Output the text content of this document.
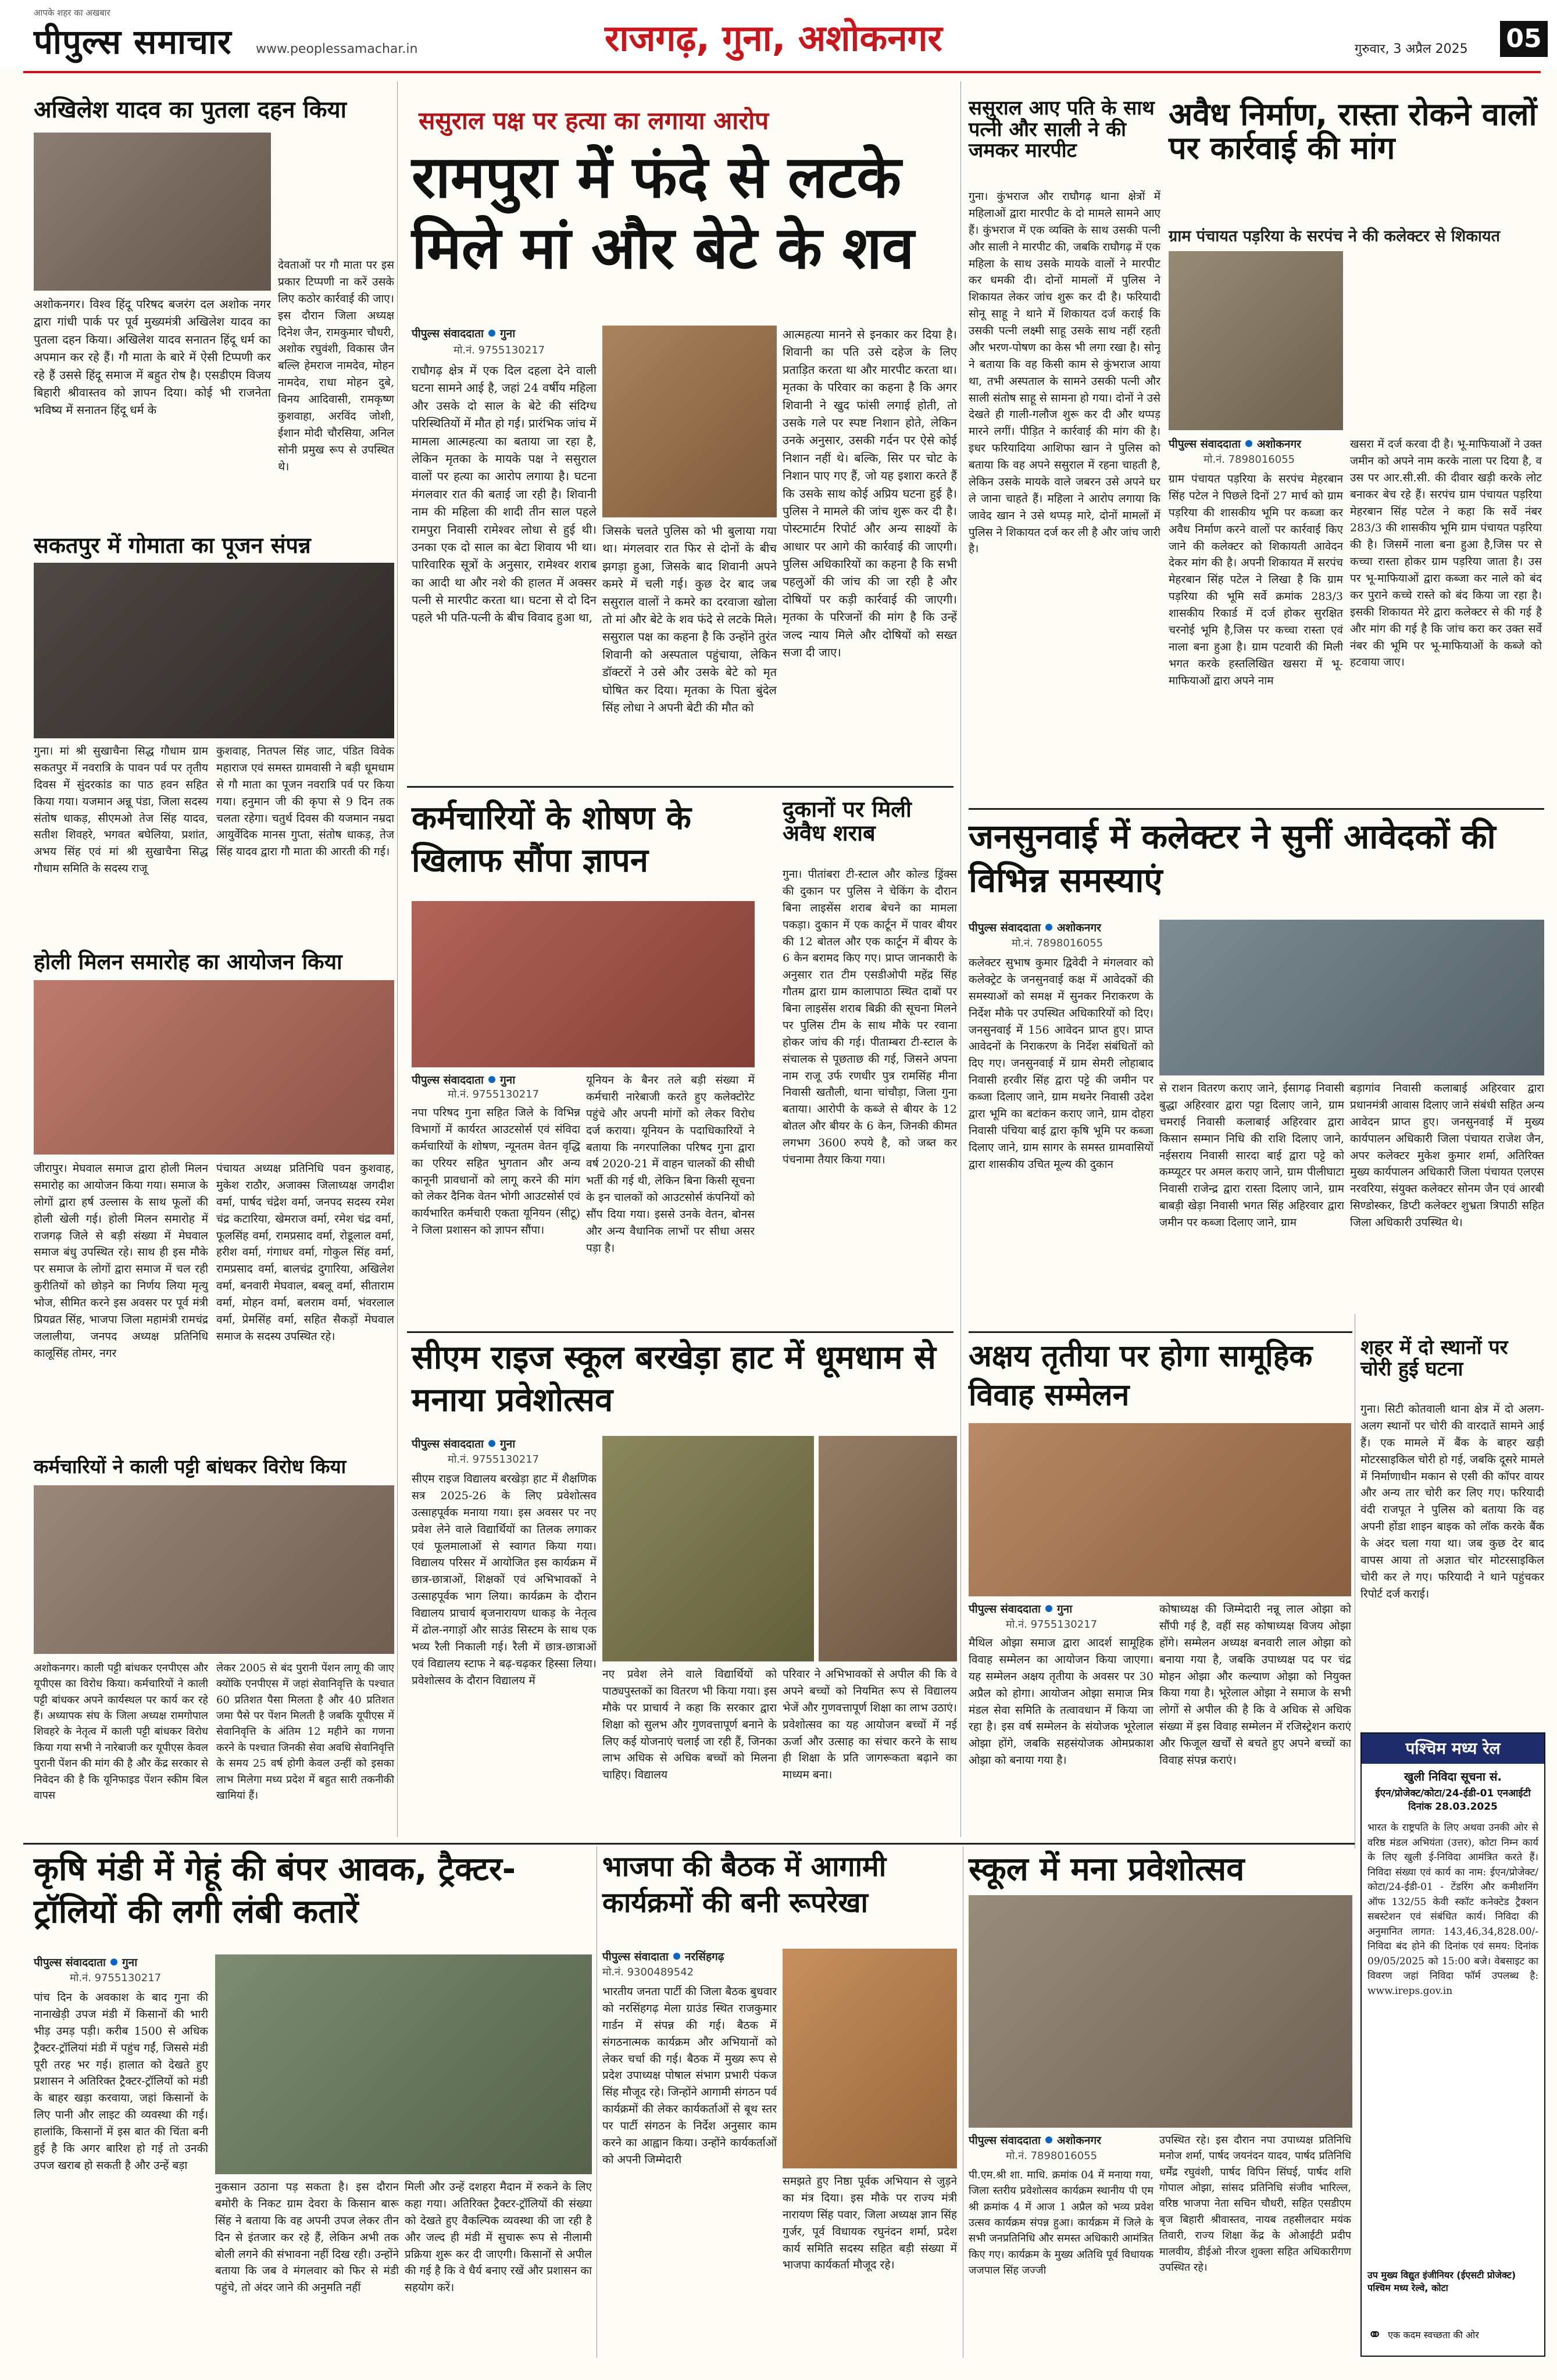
आपके शहर का अखबार
पीपुल्स समाचार www.peoplessamachar.in	राजगढ़, गुना, अशोकनगर	गुरुवार, 3 अप्रैल 2025 05
अखिलेश यादव का पुतला दहन किया
अशोकनगर। विश्व हिंदू परिषद बजरंग दल अशोक नगर द्वारा गांधी पार्क पर पूर्व मुख्यमंत्री अखिलेश यादव का पुतला दहन किया। अखिलेश यादव सनातन हिंदू धर्म का अपमान कर रहे हैं। गौ माता के बारे में ऐसी टिप्पणी कर रहे हैं उससे हिंदू समाज में बहुत रोष है। एसडीएम विजय बिहारी श्रीवास्तव को ज्ञापन दिया। कोई भी राजनेता भविष्य में सनातन हिंदू धर्म के
देवताओं पर गौ माता पर इस प्रकार टिप्पणी ना करें उसके लिए कठोर कार्रवाई की जाए। इस दौरान जिला अध्यक्ष दिनेश जैन, रामकुमार चौधरी, अशोक रघुवंशी, विकास जैन बल्लि हेमराज नामदेव, मोहन नामदेव, राधा मोहन दुबे, विनय आदिवासी, रामकृष्ण कुशवाहा, अरविंद जोशी, ईशान मोदी चौरसिया, अनिल सोनी प्रमुख रूप से उपस्थित थे।
सकतपुर में गोमाता का पूजन संपन्न
गुना। मां श्री सुखाचैना सिद्ध गौधाम ग्राम सकतपुर में नवरात्रि के पावन पर्व पर तृतीय दिवस में सुंदरकांड का पाठ हवन सहित किया गया। यजमान अन्नू पंडा, जिला सदस्य संतोष धाकड़, सीएमओ तेज सिंह यादव, सतीश शिवहरे, भगवत बघेलिया, प्रशांत, अभय सिंह एवं मां श्री सुखाचैना सिद्ध गौधाम समिति के सदस्य राजू
कुशवाह, नितपल सिंह जाट, पंडित विवेक महाराज एवं समस्त ग्रामवासी ने बड़ी धूमधाम से गौ माता का पूजन नवरात्रि पर्व पर किया गया। हनुमान जी की कृपा से 9 दिन तक चलता रहेगा। चतुर्थ दिवस की यजमान नम्रदा आयुर्वेदिक मानस गुप्ता, संतोष धाकड़, तेज सिंह यादव द्वारा गौ माता की आरती की गई।
होली मिलन समारोह का आयोजन किया
जीरापुर। मेघवाल समाज द्वारा होली मिलन समारोह का आयोजन किया गया। समाज के लोगों द्वारा हर्ष उल्लास के साथ फूलों की होली खेली गई। होली मिलन समारोह में राजगढ़ जिले से बड़ी संख्या में मेघवाल समाज बंधु उपस्थित रहे। साथ ही इस मौके पर समाज के लोगों द्वारा समाज में चल रही कुरीतियों को छोड़ने का निर्णय लिया मृत्यु भोज, सीमित करने इस अवसर पर पूर्व मंत्री प्रियव्रत सिंह, भाजपा जिला महामंत्री रामचंद्र जलालीया, जनपद अध्यक्ष प्रतिनिधि कालूसिंह तोमर, नगर
पंचायत अध्यक्ष प्रतिनिधि पवन कुशवाह, मुकेश राठौर, अजाक्स जिलाध्यक्ष जगदीश वर्मा, पार्षद चंद्रेश वर्मा, जनपद सदस्य रमेश चंद्र कटारिया, खेमराज वर्मा, रमेश चंद्र वर्मा, फूलसिंह वर्मा, रामप्रसाद वर्मा, रोडूलाल वर्मा, हरीश वर्मा, गंगाधर वर्मा, गोकुल सिंह वर्मा, रामप्रसाद वर्मा, बालचंद्र दुगारिया, अखिलेश वर्मा, बनवारी मेघवाल, बबलू वर्मा, सीताराम वर्मा, मोहन वर्मा, बलराम वर्मा, भंवरलाल वर्मा, प्रेमसिंह वर्मा, सहित सैकड़ों मेघवाल समाज के सदस्य उपस्थित रहे।
कर्मचारियों ने काली पट्टी बांधकर विरोध किया
अशोकनगर। काली पट्टी बांधकर एनपीएस और यूपीएस का विरोध किया। कर्मचारियों ने काली पट्टी बांधकर अपने कार्यस्थल पर कार्य कर रहे हैं। अध्यापक संघ के जिला अध्यक्ष रामगोपाल शिवहरे के नेतृत्व में काली पट्टी बांधकर विरोध किया गया सभी ने नारेबाजी कर यूपीएस केवल पुरानी पेंशन की मांग की है और केंद्र सरकार से निवेदन की है कि यूनिफाइड पेंशन स्कीम बिल वापस
लेकर 2005 से बंद पुरानी पेंशन लागू की जाए क्योंकि एनपीएस में जहां सेवानिवृत्ति के पश्चात 60 प्रतिशत पैसा मिलता है और 40 प्रतिशत जमा पैसे पर पेंशन मिलती है जबकि यूपीएस में सेवानिवृत्ति के अंतिम 12 महीने का गणना करने के पश्चात जिनकी सेवा अवधि सेवानिवृत्ति के समय 25 वर्ष होगी केवल उन्हीं को इसका लाभ मिलेगा मध्य प्रदेश में बहुत सारी तकनीकी खामियां हैं।
ससुराल पक्ष पर हत्या का लगाया आरोप
रामपुरा में फंदे से लटके मिले मां और बेटे के शव
पीपुल्स संवाददाता गुना
मो.नं. 9755130217
राघौगढ़ क्षेत्र में एक दिल दहला देने वाली घटना सामने आई है, जहां 24 वर्षीय महिला और उसके दो साल के बेटे की संदिग्ध परिस्थितियों में मौत हो गई। प्रारंभिक जांच में मामला आत्महत्या का बताया जा रहा है, लेकिन मृतका के मायके पक्ष ने ससुराल वालों पर हत्या का आरोप लगाया है। घटना मंगलवार रात की बताई जा रही है। शिवानी नाम की महिला की शादी तीन साल पहले रामपुरा निवासी रामेश्वर लोधा से हुई थी। उनका एक दो साल का बेटा शिवाय भी था। पारिवारिक सूत्रों के अनुसार, रामेश्वर शराब का आदी था और नशे की हालत में अक्सर पत्नी से मारपीट करता था। घटना से दो दिन पहले भी पति-पत्नी के बीच विवाद हुआ था,
जिसके चलते पुलिस को भी बुलाया गया था। मंगलवार रात फिर से दोनों के बीच झगड़ा हुआ, जिसके बाद शिवानी अपने कमरे में चली गई। कुछ देर बाद जब ससुराल वालों ने कमरे का दरवाजा खोला तो मां और बेटे के शव फंदे से लटके मिले। ससुराल पक्ष का कहना है कि उन्होंने तुरंत शिवानी को अस्पताल पहुंचाया, लेकिन डॉक्टरों ने उसे और उसके बेटे को मृत घोषित कर दिया। मृतका के पिता बुंदेल सिंह लोधा ने अपनी बेटी की मौत को
आत्महत्या मानने से इनकार कर दिया है। शिवानी का पति उसे दहेज के लिए प्रताड़ित करता था और मारपीट करता था। मृतका के परिवार का कहना है कि अगर शिवानी ने खुद फांसी लगाई होती, तो उसके गले पर स्पष्ट निशान होते, लेकिन उनके अनुसार, उसकी गर्दन पर ऐसे कोई निशान नहीं थे। बल्कि, सिर पर चोट के निशान पाए गए हैं, जो यह इशारा करते हैं कि उसके साथ कोई अप्रिय घटना हुई है। पुलिस ने मामले की जांच शुरू कर दी है। पोस्टमार्टम रिपोर्ट और अन्य साक्ष्यों के आधार पर आगे की कार्रवाई की जाएगी। पुलिस अधिकारियों का कहना है कि सभी पहलुओं की जांच की जा रही है और दोषियों पर कड़ी कार्रवाई की जाएगी। मृतका के परिजनों की मांग है कि उन्हें जल्द न्याय मिले और दोषियों को सख्त सजा दी जाए।
ससुराल आए पति के साथ पत्नी और साली ने की जमकर मारपीट
गुना। कुंभराज और राघौगढ़ थाना क्षेत्रों में महिलाओं द्वारा मारपीट के दो मामले सामने आए हैं। कुंभराज में एक व्यक्ति के साथ उसकी पत्नी और साली ने मारपीट की, जबकि राघौगढ़ में एक महिला के साथ उसके मायके वालों ने मारपीट कर धमकी दी। दोनों मामलों में पुलिस ने शिकायत लेकर जांच शुरू कर दी है। फरियादी सोनू साहू ने थाने में शिकायत दर्ज कराई कि उसकी पत्नी लक्ष्मी साहू उसके साथ नहीं रहती और भरण-पोषण का केस भी लगा रखा है। सोनू ने बताया कि वह किसी काम से कुंभराज आया था, तभी अस्पताल के सामने उसकी पत्नी और साली संतोष साहू से सामना हो गया। दोनों ने उसे देखते ही गाली-गलौज शुरू कर दी और थप्पड़ मारने लगीं। पीड़ित ने कार्रवाई की मांग की है। इधर फरियादिया आशिफा खान ने पुलिस को बताया कि वह अपने ससुराल में रहना चाहती है, लेकिन उसके मायके वाले जबरन उसे अपने घर ले जाना चाहते हैं। महिला ने आरोप लगाया कि जावेद खान ने उसे थप्पड़ मारे, दोनों मामलों में पुलिस ने शिकायत दर्ज कर ली है और जांच जारी है।
अवैध निर्माण, रास्ता रोकने वालों पर कार्रवाई की मांग
ग्राम पंचायत पड़रिया के सरपंच ने की कलेक्टर से शिकायत
पीपुल्स संवाददाता अशोकनगर
मो.नं. 7898016055
ग्राम पंचायत पड़रिया के सरपंच मेहरबान सिंह पटेल ने पिछले दिनों 27 मार्च को ग्राम पड़रिया की शासकीय भूमि पर कब्जा कर अवैध निर्माण करने वालों पर कार्रवाई किए जाने की कलेक्टर को शिकायती आवेदन देकर मांग की है। अपनी शिकायत में सरपंच मेहरबान सिंह पटेल ने लिखा है कि ग्राम पड़रिया की भूमि सर्वे क्रमांक 283/3 शासकीय रिकार्ड में दर्ज होकर सुरक्षित चरनोई भूमि है,जिस पर कच्चा रास्ता एवं नाला बना हुआ है। ग्राम पटवारी की मिली भगत करके हस्तलिखित खसरा में भू-माफियाओं द्वारा अपने नाम
खसरा में दर्ज करवा दी है। भू-माफियाओं ने उक्त जमीन को अपने नाम करके नाला पर दिया है, व उस पर आर.सी.सी. की दीवार खड़ी करके लोट बनाकर बेच रहे हैं। सरपंच ग्राम पंचायत पड़रिया मेहरबान सिंह पटेल ने कहा कि सर्वे नंबर 283/3 की शासकीय भूमि ग्राम पंचायत पड़रिया की है। जिसमें नाला बना हुआ है,जिस पर से कच्चा रास्ता होकर ग्राम पड़रिया जाता है। उस पर भू-माफियाओं द्वारा कब्जा कर नाले को बंद कर पुराने कच्चे रास्ते को बंद किया जा रहा है। इसकी शिकायत मेरे द्वारा कलेक्टर से की गई है और मांग की गई है कि जांच करा कर उक्त सर्वे नंबर की भूमि पर भू-माफियाओं के कब्जे को हटवाया जाए।
कर्मचारियों के शोषण के खिलाफ सौंपा ज्ञापन
पीपुल्स संवाददाता गुना
मो.नं. 9755130217
नपा परिषद गुना सहित जिले के विभिन्न विभागों में कार्यरत आउटसोर्स एवं संविदा कर्मचारियों के शोषण, न्यूनतम वेतन वृद्धि का एरियर सहित भुगतान और अन्य कानूनी प्रावधानों को लागू करने की मांग को लेकर दैनिक वेतन भोगी आउटसोर्स एवं कार्यभारित कर्मचारी एकता यूनियन (सीटू) ने जिला प्रशासन को ज्ञापन सौंपा।
यूनियन के बैनर तले बड़ी संख्या में कर्मचारी नारेबाजी करते हुए कलेक्टोरेट पहुंचे और अपनी मांगों को लेकर विरोध दर्ज कराया। यूनियन के पदाधिकारियों ने बताया कि नगरपालिका परिषद गुना द्वारा वर्ष 2020-21 में वाहन चालकों की सीधी भर्ती की गई थी, लेकिन बिना किसी सूचना के इन चालकों को आउटसोर्स कंपनियों को सौंप दिया गया। इससे उनके वेतन, बोनस और अन्य वैधानिक लाभों पर सीधा असर पड़ा है।
दुकानों पर मिली अवैध शराब
गुना। पीतांबरा टी-स्टाल और कोल्ड ड्रिंक्स की दुकान पर पुलिस ने चेकिंग के दौरान बिना लाइसेंस शराब बेचने का मामला पकड़ा। दुकान में एक कार्टून में पावर बीयर की 12 बोतल और एक कार्टून में बीयर के 6 केन बरामद किए गए। प्राप्त जानकारी के अनुसार रात टीम एसडीओपी महेंद्र सिंह गौतम द्वारा ग्राम कालापाठा स्थित दाबों पर बिना लाइसेंस शराब बिक्री की सूचना मिलने पर पुलिस टीम के साथ मौके पर रवाना होकर जांच की गई। पीताम्बरा टी-स्टाल के संचालक से पूछताछ की गई, जिसने अपना नाम राजू उर्फ रणधीर पुत्र रामसिंह मीना निवासी खतौली, थाना चांचौड़ा, जिला गुना बताया। आरोपी के कब्जे से बीयर के 12 बोतल और बीयर के 6 केन, जिनकी कीमत लगभग 3600 रुपये है, को जब्त कर पंचनामा तैयार किया गया।
जनसुनवाई में कलेक्टर ने सुनीं आवेदकों की विभिन्न समस्याएं
पीपुल्स संवाददाता अशोकनगर
मो.नं. 7898016055
कलेक्टर सुभाष कुमार द्विवेदी ने मंगलवार को कलेक्ट्रेट के जनसुनवाई कक्ष में आवेदकों की समस्याओं को समक्ष में सुनकर निराकरण के निर्देश मौके पर उपस्थित अधिकारियों को दिए। जनसुनवाई में 156 आवेदन प्राप्त हुए। प्राप्त आवेदनों के निराकरण के निर्देश संबंधितों को दिए गए। जनसुनवाई में ग्राम सेमरी लोहाबाद निवासी हरवीर सिंह द्वारा पट्टे की जमीन पर कब्जा दिलाए जाने, ग्राम मथनेर निवासी उदेश द्वारा भूमि का बटांकन कराए जाने, ग्राम दोहरा निवासी पंचिया बाई द्वारा कृषि भूमि पर कब्जा दिलाए जाने, ग्राम सागर के समस्त ग्रामवासियों द्वारा शासकीय उचित मूल्य की दुकान
से राशन वितरण कराए जाने, ईसागढ़ निवासी बुद्धा अहिरवार द्वारा पट्टा दिलाए जाने, ग्राम चमराई निवासी कलाबाई अहिरवार द्वारा किसान सम्मान निधि की राशि दिलाए जाने, नईसराय निवासी सारदा बाई द्वारा पट्टे को कम्प्यूटर पर अमल कराए जाने, ग्राम पीलीघाटा निवासी राजेन्द्र द्वारा रास्ता दिलाए जाने, ग्राम बाबड़ी खेड़ा निवासी भगत सिंह अहिरवार द्वारा जमीन पर कब्जा दिलाए जाने, ग्राम
बड़ागांव निवासी कलाबाई अहिरवार द्वारा प्रधानमंत्री आवास दिलाए जाने संबंधी सहित अन्य आवेदन प्राप्त हुए। जनसुनवाई में मुख्य कार्यपालन अधिकारी जिला पंचायत राजेश जैन, अपर कलेक्टर मुकेश कुमार शर्मा, अतिरिक्त मुख्य कार्यपालन अधिकारी जिला पंचायत एलएस नरवरिया, संयुक्त कलेक्टर सोनम जैन एवं आरबी सिण्डोस्कर, डिप्टी कलेक्टर शुभ्रता त्रिपाठी सहित जिला अधिकारी उपस्थित थे।
सीएम राइज स्कूल बरखेड़ा हाट में धूमधाम से मनाया प्रवेशोत्सव
पीपुल्स संवाददाता गुना
मो.नं. 9755130217
सीएम राइज विद्यालय बरखेड़ा हाट में शैक्षणिक सत्र 2025-26 के लिए प्रवेशोत्सव उत्साहपूर्वक मनाया गया। इस अवसर पर नए प्रवेश लेने वाले विद्यार्थियों का तिलक लगाकर एवं फूलमालाओं से स्वागत किया गया। विद्यालय परिसर में आयोजित इस कार्यक्रम में छात्र-छात्राओं, शिक्षकों एवं अभिभावकों ने उत्साहपूर्वक भाग लिया। कार्यक्रम के दौरान विद्यालय प्राचार्य बृजनारायण धाकड़ के नेतृत्व में ढोल-नगाड़ों और साउंड सिस्टम के साथ एक भव्य रैली निकाली गई। रैली में छात्र-छात्राओं एवं विद्यालय स्टाफ ने बढ़-चढ़कर हिस्सा लिया। प्रवेशोत्सव के दौरान विद्यालय में	नए प्रवेश लेने वाले विद्यार्थियों को पाठ्यपुस्तकों का वितरण भी किया गया। इस मौके पर प्राचार्य ने कहा कि सरकार द्वारा शिक्षा को सुलभ और गुणवत्तापूर्ण बनाने के लिए कई योजनाएं चलाई जा रही हैं, जिनका लाभ अधिक से अधिक बच्चों को मिलना चाहिए। विद्यालय
परिवार ने अभिभावकों से अपील की कि वे अपने बच्चों को नियमित रूप से विद्यालय भेजें और गुणवत्तापूर्ण शिक्षा का लाभ उठाएं। प्रवेशोत्सव का यह आयोजन बच्चों में नई ऊर्जा और उत्साह का संचार करने के साथ ही शिक्षा के प्रति जागरूकता बढ़ाने का माध्यम बना।
अक्षय तृतीया पर होगा सामूहिक विवाह सम्मेलन
पीपुल्स संवाददाता गुना
मो.नं. 9755130217
मैथिल ओझा समाज द्वारा आदर्श सामूहिक विवाह सम्मेलन का आयोजन किया जाएगा। यह सम्मेलन अक्षय तृतीया के अवसर पर 30 अप्रैल को होगा। आयोजन ओझा समाज मित्र मंडल सेवा समिति के तत्वावधान में किया जा रहा है। इस वर्ष सम्मेलन के संयोजक भूरेलाल ओझा होंगे, जबकि सहसंयोजक ओमप्रकाश ओझा को बनाया गया है।
कोषाध्यक्ष की जिम्मेदारी नन्नू लाल ओझा को सौंपी गई है, वहीं सह कोषाध्यक्ष विजय ओझा होंगे। सम्मेलन अध्यक्ष बनवारी लाल ओझा को बनाया गया है, जबकि उपाध्यक्ष पद पर चंद्र मोहन ओझा और कल्याण ओझा को नियुक्त किया गया है। भूरेलाल ओझा ने समाज के सभी लोगों से अपील की है कि वे अधिक से अधिक संख्या में इस विवाह सम्मेलन में रजिस्ट्रेशन कराएं और फिजूल खर्चों से बचते हुए अपने बच्चों का विवाह संपन्न कराएं।
शहर में दो स्थानों पर चोरी हुई घटना
गुना। सिटी कोतवाली थाना क्षेत्र में दो अलग-अलग स्थानों पर चोरी की वारदातें सामने आई हैं। एक मामले में बैंक के बाहर खड़ी मोटरसाइकिल चोरी हो गई, जबकि दूसरे मामले में निर्माणाधीन मकान से एसी की कॉपर वायर और अन्य तार चोरी कर लिए गए। फरियादी वंदी राजपूत ने पुलिस को बताया कि वह अपनी होंडा शाइन बाइक को लॉक करके बैंक के अंदर चला गया था। जब कुछ देर बाद वापस आया तो अज्ञात चोर मोटरसाइकिल चोरी कर ले गए। फरियादी ने थाने पहुंचकर रिपोर्ट दर्ज कराई।
पश्चिम मध्य रेल
खुली निविदा सूचना सं.
ईएन/प्रोजेक्ट/कोटा/24-ईडी-01 एनआईटी दिनांक 28.03.2025
भारत के राष्ट्रपति के लिए अथवा उनकी ओर से वरिष्ठ मंडल अभियंता (उत्तर), कोटा निम्न कार्य के लिए खुली ई-निविदा आमंत्रित करते हैं। निविदा संख्या एवं कार्य का नाम: ईएन/प्रोजेक्ट/कोटा/24-ईडी-01 - टेंडरिंग और कमीशनिंग ऑफ 132/55 केवी स्कॉट कनेक्टेड ट्रैक्शन सबस्टेशन एवं संबंधित कार्य। निविदा की अनुमानित लागत: 143,46,34,828.00/- निविदा बंद होने की दिनांक एवं समय: दिनांक 09/05/2025 को 15:00 बजे। वेबसाइट का विवरण जहां निविदा फॉर्म उपलब्ध है: www.ireps.gov.in
उप मुख्य विद्युत इंजीनियर (ईएसटी प्रोजेक्ट) पश्चिम मध्य रेल्वे, कोटा
⚭ एक कदम स्वच्छता की ओर
कृषि मंडी में गेहूं की बंपर आवक, ट्रैक्टर-ट्रॉलियों की लगी लंबी कतारें
पीपुल्स संवाददाता गुना
मो.नं. 9755130217
पांच दिन के अवकाश के बाद गुना की नानाखेड़ी उपज मंडी में किसानों की भारी भीड़ उमड़ पड़ी। करीब 1500 से अधिक ट्रैक्टर-ट्रॉलियां मंडी में पहुंच गईं, जिससे मंडी पूरी तरह भर गई। हालात को देखते हुए प्रशासन ने अतिरिक्त ट्रैक्टर-ट्रॉलियों को मंडी के बाहर खड़ा करवाया, जहां किसानों के लिए पानी और लाइट की व्यवस्था की गई। हालांकि, किसानों में इस बात की चिंता बनी हुई है कि अगर बारिश हो गई तो उनकी उपज खराब हो सकती है और उन्हें बड़ा
नुकसान उठाना पड़ सकता है। इस दौरान बमोरी के निकट ग्राम देवरा के किसान बारू सिंह ने बताया कि वह अपनी उपज लेकर तीन दिन से इंतजार कर रहे हैं, लेकिन अभी तक बोली लगने की संभावना नहीं दिख रही। उन्होंने बताया कि जब वे मंगलवार को फिर से मंडी पहुंचे, तो अंदर जाने की अनुमति नहीं
मिली और उन्हें दशहरा मैदान में रुकने के लिए कहा गया। अतिरिक्त ट्रैक्टर-ट्रॉलियों की संख्या को देखते हुए वैकल्पिक व्यवस्था की जा रही है और जल्द ही मंडी में सुचारू रूप से नीलामी प्रक्रिया शुरू कर दी जाएगी। किसानों से अपील की गई है कि वे धैर्य बनाए रखें और प्रशासन का सहयोग करें।
भाजपा की बैठक में आगामी कार्यक्रमों की बनी रूपरेखा
पीपुल्स संवादाता नरसिंहगढ़
मो.नं. 9300489542
भारतीय जनता पार्टी की जिला बैठक बुधवार को नरसिंहगढ़ मेला ग्राउंड स्थित राजकुमार गार्डन में संपन्न की गई। बैठक में संगठनात्मक कार्यक्रम और अभियानों को लेकर चर्चा की गई। बैठक में मुख्य रूप से प्रदेश उपाध्यक्ष पोषाल संभाग प्रभारी पंकज सिंह मौजूद रहे। जिन्होंने आगामी संगठन पर्व कार्यक्रमों की लेकर कार्यकर्ताओं से बूथ स्तर पर पार्टी संगठन के निर्देश अनुसार काम करने का आह्वान किया। उन्होंने कार्यकर्ताओं को अपनी जिम्मेदारी
समझते हुए निष्ठा पूर्वक अभियान से जुड़ने का मंत्र दिया। इस मौके पर राज्य मंत्री नारायण सिंह पवार, जिला अध्यक्ष ज्ञान सिंह गुर्जर, पूर्व विधायक रघुनंदन शर्मा, प्रदेश कार्य समिति सदस्य सहित बड़ी संख्या में भाजपा कार्यकर्ता मौजूद रहे।
स्कूल में मना प्रवेशोत्सव
पीपुल्स संवाददाता अशोकनगर
मो.नं. 7898016055
पी.एम.श्री शा. माधि. क्रमांक 04 में मनाया गया, जिला स्तरीय प्रवेशोत्सव कार्यक्रम स्थानीय पी एम श्री क्रमांक 4 में आज 1 अप्रैल को भव्य प्रवेश उत्सव कार्यक्रम संपन्न हुआ। कार्यक्रम में जिले के सभी जनप्रतिनिधि और समस्त अधिकारी आमंत्रित किए गए। कार्यक्रम के मुख्य अतिथि पूर्व विधायक जजपाल सिंह जज्जी
उपस्थित रहे। इस दौरान नपा उपाध्यक्ष प्रतिनिधि मनोज शर्मा, पार्षद जयनंदन यादव, पार्षद प्रतिनिधि धर्मेंद्र रघुवंशी, पार्षद विपिन सिंघई, पार्षद शशि गोपाल ओझा, सांसद प्रतिनिधि संजीव भारिल्ल, वरिष्ठ भाजपा नेता सचिन चौधरी, सहित एसडीएम बृज बिहारी श्रीवास्तव, नायब तहसीलदार मयंक तिवारी, राज्य शिक्षा केंद्र के ओआईटी प्रदीप मालवीय, डीईओ नीरज शुक्ला सहित अधिकारीगण उपस्थित रहे।
